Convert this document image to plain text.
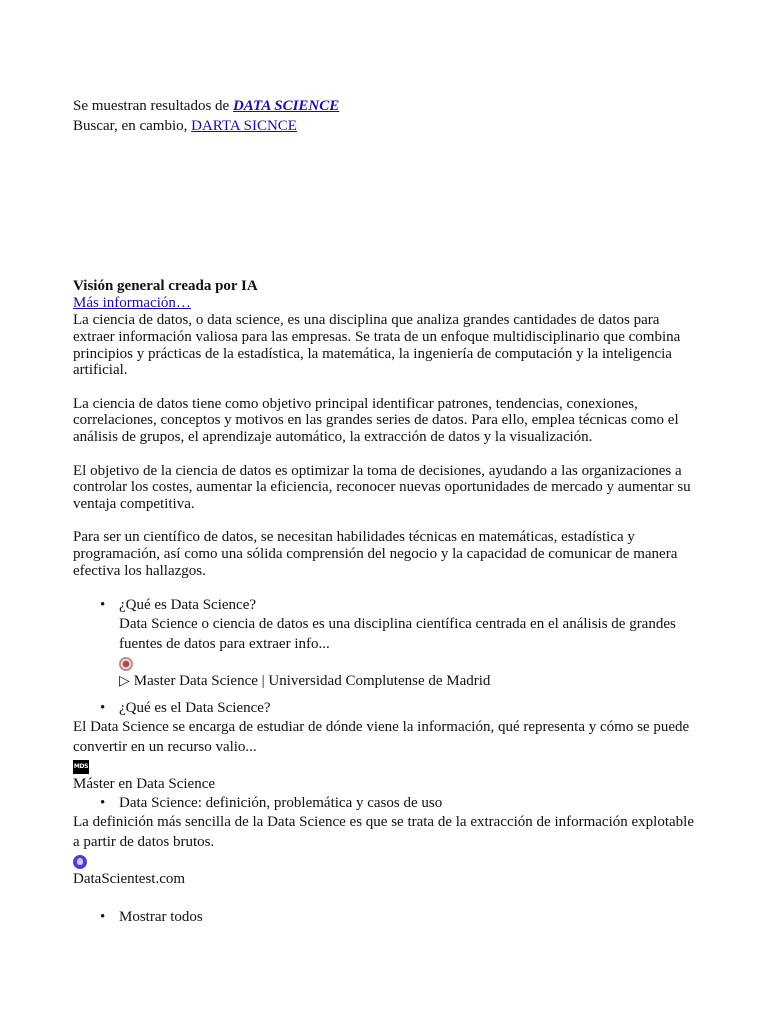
Se muestran resultados de DATA SCIENCE
Buscar, en cambio, DARTA SICNCE
Visión general creada por IA
Más información…

La ciencia de datos, o data science, es una disciplina que analiza grandes cantidades de datos para extraer información valiosa para las empresas. Se trata de un enfoque multidisciplinario que combina principios y prácticas de la estadística, la matemática, la ingeniería de computación y la inteligencia artificial.

La ciencia de datos tiene como objetivo principal identificar patrones, tendencias, conexiones, correlaciones, conceptos y motivos en las grandes series de datos. Para ello, emplea técnicas como el análisis de grupos, el aprendizaje automático, la extracción de datos y la visualización.

El objetivo de la ciencia de datos es optimizar la toma de decisiones, ayudando a las organizaciones a controlar los costes, aumentar la eficiencia, reconocer nuevas oportunidades de mercado y aumentar su ventaja competitiva.

Para ser un científico de datos, se necesitan habilidades técnicas en matemáticas, estadística y programación, así como una sólida comprensión del negocio y la capacidad de comunicar de manera efectiva los hallazgos.

• ¿Qué es Data Science?
Data Science o ciencia de datos es una disciplina científica centrada en el análisis de grandes fuentes de datos para extraer info...
▷ Master Data Science | Universidad Complutense de Madrid
• ¿Qué es el Data Science?
El Data Science se encarga de estudiar de dónde viene la información, qué representa y cómo se puede convertir en un recurso valio...
MDS
Máster en Data Science
• Data Science: definición, problemática y casos de uso
La definición más sencilla de la Data Science es que se trata de la extracción de información explotable a partir de datos brutos.
DataScientest.com
• Mostrar todos
